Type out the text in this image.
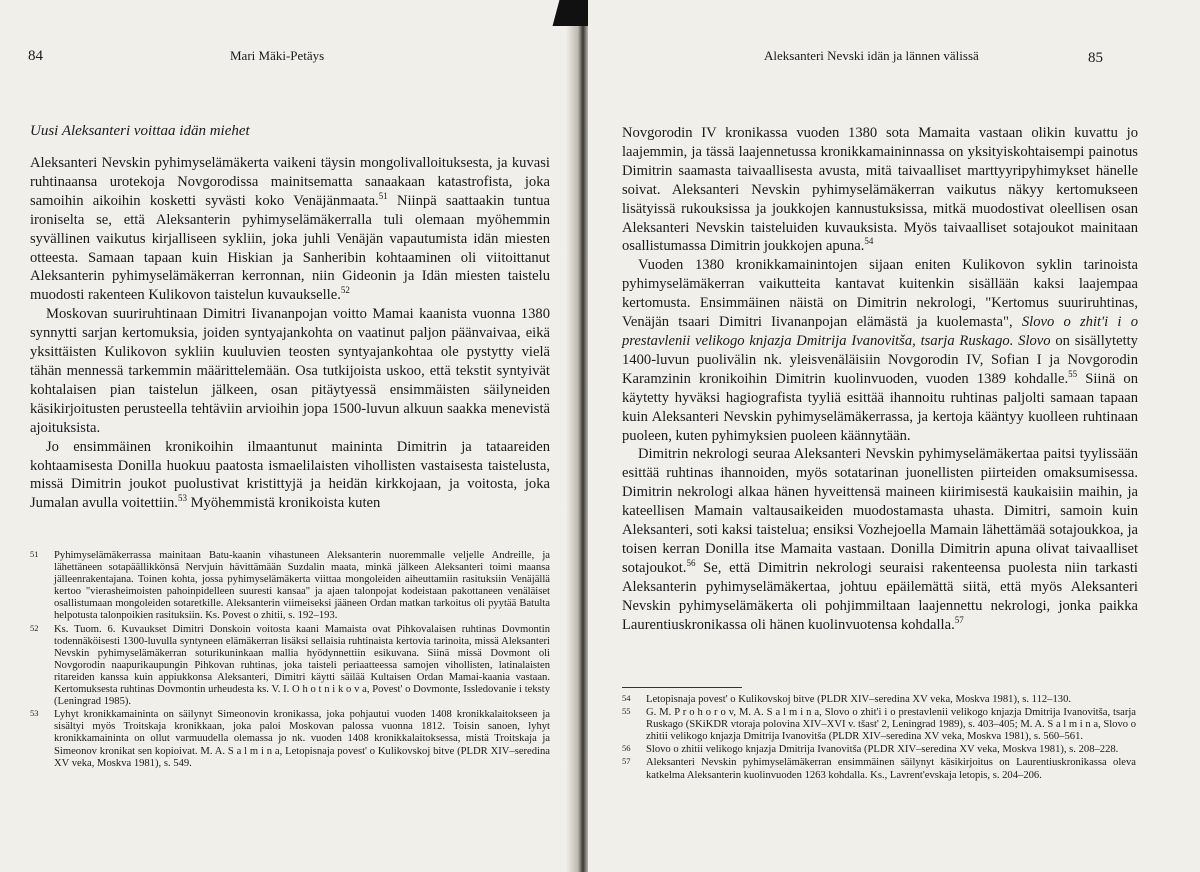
84	Mari Mäki-Petäys
Uusi Aleksanteri voittaa idän miehet

Aleksanteri Nevskin pyhimyselämäkerta vaikeni täysin mongolivalloituksesta, ja kuvasi ruhtinaansa urotekoja Novgorodissa mainitsematta sanaakaan katastrofista, joka samoihin aikoihin kosketti syvästi koko Venäjänmaata.$^{51}$ Niinpä saattaakin tuntua ironiselta se, että Aleksanterin pyhimyselämäkerralla tuli olemaan myöhemmin syvällinen vaikutus kirjalliseen sykliin, joka juhli Venäjän vapautumista idän miesten otteesta. Samaan tapaan kuin Hiskian ja Sanheribin kohtaaminen oli viitoittanut Aleksanterin pyhimyselämäkerran kerronnan, niin Gideonin ja Idän miesten taistelu muodosti rakenteen Kulikovon taistelun kuvaukselle.$^{52}$

Moskovan suuriruhtinaan Dimitri Iivananpojan voitto Mamai kaanista vuonna 1380 synnytti sarjan kertomuksia, joiden syntyajankohta on vaatinut paljon päänvaivaa, eikä yksittäisten Kulikovon sykliin kuuluvien teosten syntyajankohtaa ole pystytty vielä tähän mennessä tarkemmin määrittelemään. Osa tutkijoista uskoo, että tekstit syntyivät kohtalaisen pian taistelun jälkeen, osan pitäytyessä ensimmäisten säilyneiden käsikirjoitusten perusteella tehtäviin arvioihin jopa 1500-luvun alkuun saakka menevistä ajoituksista.

Jo ensimmäinen kronikoihin ilmaantunut maininta Dimitrin ja tataareiden kohtaamisesta Donilla huokuu paatosta ismaelilaisten vihollisten vastaisesta taistelusta, missä Dimitrin joukot puolustivat kristittyjä ja heidän kirkkojaan, ja voitosta, joka Jumalan avulla voitettiin.$^{53}$ Myöhemmistä kronikoista kuten

51 Pyhimyselämäkerrassa mainitaan Batu-kaanin vihastuneen Aleksanterin nuoremmalle veljelle Andreille, ja lähettäneen sotapäällikkönsä Nervjuin hävittämään Suzdalin maata, minkä jälkeen Aleksanteri toimi maansa jälleenrakentajana. Toinen kohta, jossa pyhimyselämäkerta viittaa mongoleiden aiheuttamiin rasituksiin Venäjällä kertoo "vierasheimoisten pahoinpidelleen suuresti kansaa" ja ajaen talonpojat kodeistaan pakottaneen venäläiset osallistumaan mongoleiden sotaretkille. Aleksanterin viimeiseksi jääneen Ordan matkan tarkoitus oli pyytää Batulta helpotusta talonpoikien rasituksiin. Ks. Povest o zhitii, s. 192–193.
52 Ks. Tuom. 6. Kuvaukset Dimitri Donskoin voitosta kaani Mamaista ovat Pihkovalaisen ruhtinas Dovmontin todennäköisesti 1300-luvulla syntyneen elämäkerran lisäksi sellaisia ruhtinaista kertovia tarinoita, missä Aleksanteri Nevskin pyhimyselämäkerran soturikuninkaan mallia hyödynnettiin esikuvana. Siinä missä Dovmont oli Novgorodin naapurikaupungin Pihkovan ruhtinas, joka taisteli periaatteessa samojen vihollisten, latinalaisten ritareiden kanssa kuin appiukkonsa Aleksanteri, Dimitri käytti säilää Kultaisen Ordan Mamai-kaania vastaan. Kertomuksesta ruhtinas Dovmontin urheudesta ks. V. I. O h o t n i k o v a, Povest' o Dovmonte, Issledovanie i teksty (Leningrad 1985).
53 Lyhyt kronikkamaininta on säilynyt Simeonovin kronikassa, joka pohjautui vuoden 1408 kronikkalaitokseen ja sisältyi myös Troitskaja kronikkaan, joka paloi Moskovan palossa vuonna 1812. Toisin sanoen, lyhyt kronikkamaininta on ollut varmuudella olemassa jo nk. vuoden 1408 kronikkalaitoksessa, mistä Troitskaja ja Simeonov kronikat sen kopioivat. M. A. S a l m i n a, Letopisnaja povest' o Kulikovskoj bitve (PLDR XIV–seredina XV veka, Moskva 1981), s. 549.
Aleksanteri Nevski idän ja lännen välissä	85

Novgorodin IV kronikassa vuoden 1380 sota Mamaita vastaan olikin kuvattu jo laajemmin, ja tässä laajennetussa kronikkamaininnassa on yksityiskohtaisempi painotus Dimitrin saamasta taivaallisesta avusta, mitä taivaalliset marttyyripyhimykset hänelle soivat. Aleksanteri Nevskin pyhimyselämäkerran vaikutus näkyy kertomukseen lisätyissä rukouksissa ja joukkojen kannustuksissa, mitkä muodostivat oleellisen osan Aleksanteri Nevskin taisteluiden kuvauksista. Myös taivaalliset sotajoukot mainitaan osallistumassa Dimitrin joukkojen apuna.$^{54}$

Vuoden 1380 kronikkamainintojen sijaan eniten Kulikovon syklin tarinoista pyhimyselämäkerran vaikutteita kantavat kuitenkin sisällään kaksi laajempaa kertomusta. Ensimmäinen näistä on Dimitrin nekrologi, "Kertomus suuriruhtinas, Venäjän tsaari Dimitri Iivananpojan elämästä ja kuolemasta", Slovo o zhit'i i o prestavlenii velikogo knjazja Dmitrija Ivanovitša, tsarja Ruskago. Slovo on sisällytetty 1400-luvun puolivälin nk. yleisvenäläisiin Novgorodin IV, Sofian I ja Novgorodin Karamzinin kronikoihin Dimitrin kuolinvuoden, vuoden 1389 kohdalle.$^{55}$ Siinä on käytetty hyväksi hagiografista tyyliä esittää ihannoitu ruhtinas paljolti samaan tapaan kuin Aleksanteri Nevskin pyhimyselämäkerrassa, ja kertoja kääntyy kuolleen ruhtinaan puoleen, kuten pyhimyksien puoleen käännytään.

Dimitrin nekrologi seuraa Aleksanteri Nevskin pyhimyselämäkertaa paitsi tyylissään esittää ruhtinas ihannoiden, myös sotatarinan juonellisten piirteiden omaksumisessa. Dimitrin nekrologi alkaa hänen hyveittensä maineen kiirimisestä kaukaisiin maihin, ja kateellisen Mamain valtausaikeiden muodostamasta uhasta. Dimitri, samoin kuin Aleksanteri, soti kaksi taistelua; ensiksi Vozhejoella Mamain lähettämää sotajoukkoa, ja toisen kerran Donilla itse Mamaita vastaan. Donilla Dimitrin apuna olivat taivaalliset sotajoukot.$^{56}$ Se, että Dimitrin nekrologi seuraisi rakenteensa puolesta niin tarkasti Aleksanterin pyhimyselämäkertaa, johtuu epäilemättä siitä, että myös Aleksanteri Nevskin pyhimyselämäkerta oli pohjimmiltaan laajennettu nekrologi, jonka paikka Laurentiuskronikassa oli hänen kuolinvuotensa kohdalla.$^{57}$

54 Letopisnaja povest' o Kulikovskoj bitve (PLDR XIV–seredina XV veka, Moskva 1981), s. 112–130.
55 G. M. P r o h o r o v, M. A. S a l m i n a, Slovo o zhit'i i o prestavlenii velikogo knjazja Dmitrija Ivanovitša, tsarja Ruskago (SKiKDR vtoraja polovina XIV–XVI v. tšast' 2, Leningrad 1989), s. 403–405; M. A. S a l m i n a, Slovo o zhitii velikogo knjazja Dmitrija Ivanovitša (PLDR XIV–seredina XV veka, Moskva 1981), s. 560–561.
56 Slovo o zhitii velikogo knjazja Dmitrija Ivanovitša (PLDR XIV–seredina XV veka, Moskva 1981), s. 208–228.
57 Aleksanteri Nevskin pyhimyselämäkerran ensimmäinen säilynyt käsikirjoitus on Laurentiuskronikassa oleva katkelma Aleksanterin kuolinvuoden 1263 kohdalla. Ks., Lavrent'evskaja letopis, s. 204–206.
